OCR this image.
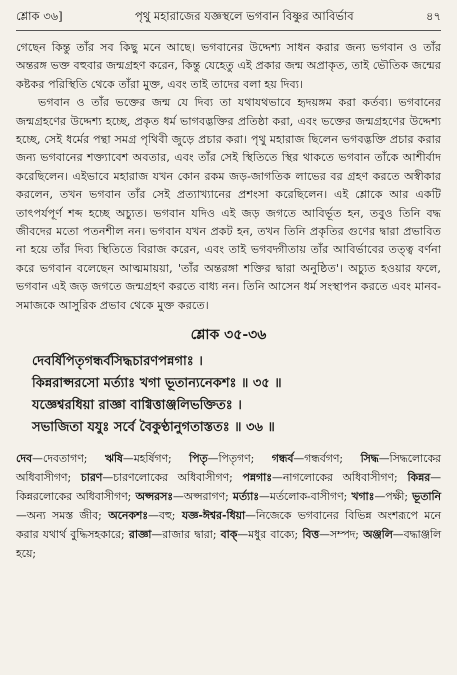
শ্লোক ৩৬]	পৃথু মহারাজের যজ্ঞস্থলে ভগবান বিষ্ণুর আবির্ভাব	৪৭

গেছেন কিন্তু তাঁর সব কিছু মনে আছে। ভগবানের উদ্দেশ্য সাধন করার জন্য ভগবান ও তাঁর অন্তরঙ্গ ভক্ত বহুবার জন্মগ্রহণ করেন, কিন্তু যেহেতু এই প্রকার জন্ম অপ্রাকৃত, তাই ভৌতিক জন্মের কষ্টকর পরিস্থিতি থেকে তাঁরা মুক্ত, এবং তাই তাদের বলা হয় দিব্য।

ভগবান ও তাঁর ভক্তের জন্ম যে দিব্য তা যথাযথভাবে হৃদয়ঙ্গম করা কর্তব্য। ভগবানের জন্মগ্রহণের উদ্দেশ্য হচ্ছে, প্রকৃত ধর্ম ভাগবদ্ভক্তির প্রতিষ্ঠা করা, এবং ভক্তের জন্মগ্রহণের উদ্দেশ্য হচ্ছে, সেই ধর্মের পন্থা সমগ্র পৃথিবী জুড়ে প্রচার করা। পৃথু মহারাজ ছিলেন ভগবদ্ভক্তি প্রচার করার জন্য ভগবানের শক্ত্যাবেশ অবতার, এবং তাঁর সেই স্থিতিতে স্থির থাকতে ভগবান তাঁকে আশীর্বাদ করেছিলেন। এইভাবে মহারাজ যখন কোন রকম জড়-জাগতিক লাভের বর গ্রহণ করতে অস্বীকার করলেন, তখন ভগবান তাঁর সেই প্রত্যাখ্যানের প্রশংসা করেছিলেন। এই শ্লোকে আর একটি তাৎপর্যপূর্ণ শব্দ হচ্ছে অচ্যুত। ভগবান যদিও এই জড় জগতে আবির্ভূত হন, তবুও তিনি বদ্ধ জীবদের মতো পতনশীল নন। ভগবান যখন প্রকট হন, তখন তিনি প্রকৃতির গুণের দ্বারা প্রভাবিত না হয়ে তাঁর দিব্য স্থিতিতে বিরাজ করেন, এবং তাই ভগবদ্গীতায় তাঁর আবির্ভাবের তত্ত্ব বর্ণনা করে ভগবান বলেছেন আত্মমায়য়া, 'তাঁর অন্তরঙ্গা শক্তির দ্বারা অনুষ্ঠিত'। অচ্যুত হওয়ার ফলে, ভগবান এই জড় জগতে জন্মগ্রহণ করতে বাধ্য নন। তিনি আসেন ধর্ম সংস্থাপন করতে এবং মানব-সমাজকে আসুরিক প্রভাব থেকে মুক্ত করতে।

শ্লোক ৩৫-৩৬
দেবর্ষিপিতৃগন্ধর্বসিদ্ধচারণপন্নগাঃ ।
কিন্নরাপ্সরসো মর্ত্যাঃ খগা ভূতান্যনেকশঃ ॥ ৩৫ ॥
যজ্ঞেশ্বরধিয়া রাজ্ঞা বাগ্বিত্তাঞ্জলিভক্তিতঃ ।
সভাজিতা যযুঃ সর্বে বৈকুণ্ঠানুগতাস্ততঃ ॥ ৩৬ ॥
দেব—দেবতাগণ; ঋষি—মহর্ষিগণ; পিতৃ—পিতৃগণ; গন্ধর্ব—গন্ধর্বগণ; সিদ্ধ—সিদ্ধলোকের অধিবাসীগণ; চারণ—চারণলোকের অধিবাসীগণ; পন্নগাঃ—নাগলোকের অধিবাসীগণ; কিন্নর—কিন্নরলোকের অধিবাসীগণ; অপ্সরসঃ—অপ্সরাগণ; মর্ত্যাঃ—মর্তলোক-বাসীগণ; খগাঃ—পক্ষী; ভূতানি—অন্য সমস্ত জীব; অনেকশঃ—বহু; যজ্ঞ-ঈশ্বর-ধিয়া—নিজেকে ভগবানের বিভিন্ন অংশরূপে মনে করার যথার্থ বুদ্ধিসহকারে; রাজ্ঞা—রাজার দ্বারা; বাক্—মধুর বাক্যে; বিত্ত—সম্পদ; অঞ্জলি—বদ্ধাঞ্জলি হয়ে;
